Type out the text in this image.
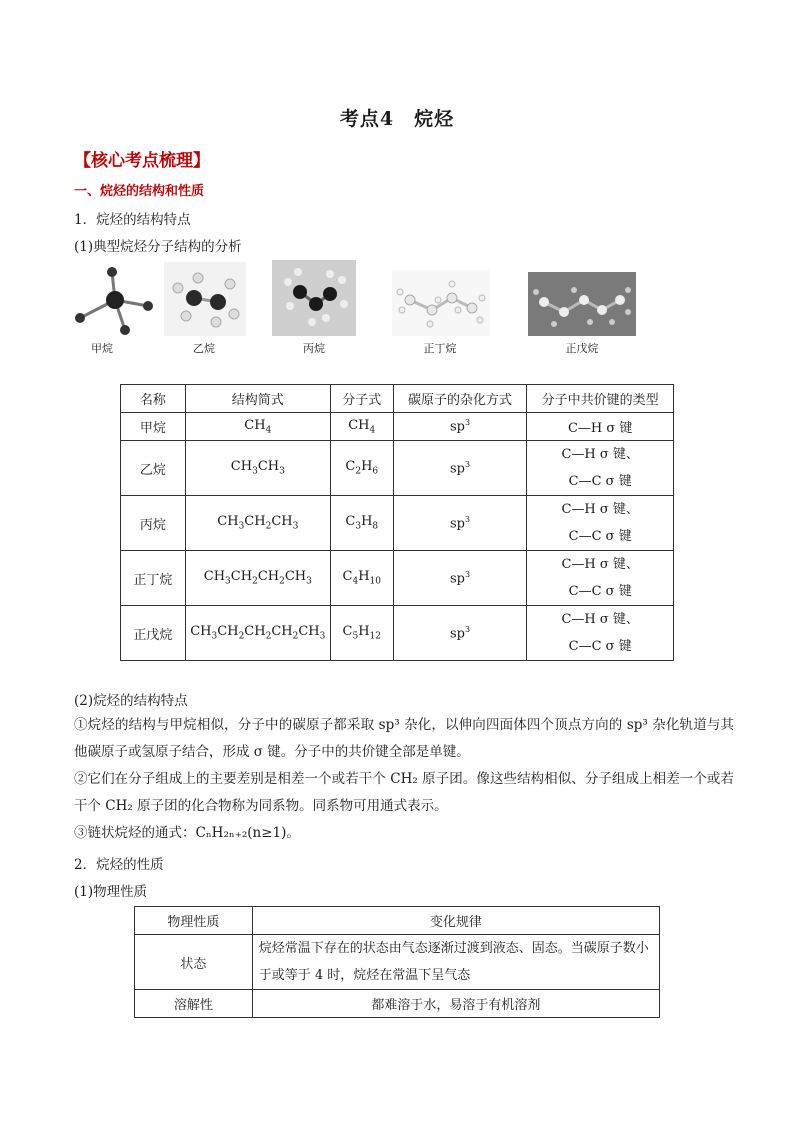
考点4　烷烃
【核心考点梳理】
一、烷烃的结构和性质
1．烷烃的结构特点
(1)典型烷烃分子结构的分析
甲烷	乙烷	丙烷	正丁烷	正戊烷
名称	结构简式	分子式	碳原子的杂化方式	分子中共价键的类型
甲烷	$CH_4$	$CH_4$	$sp^3$	C—H σ 键
乙烷	$CH_3CH_3$	$C_2H_6$	$sp^3$	C—H σ 键、
C—C σ 键

丙烷	$CH_3CH_2CH_3$	$C_3H_8$	$sp^3$	C—H σ 键、
C—C σ 键

正丁烷	$CH_3CH_2CH_2CH_3$	$C_4H_{10}$	$sp^3$	C—H σ 键、
C—C σ 键

正戊烷	$CH_3CH_2CH_2CH_2CH_3$	$C_5H_{12}$	$sp^3$	C—H σ 键、
C—C σ 键
(2)烷烃的结构特点
①烷烃的结构与甲烷相似，分子中的碳原子都采取 sp³ 杂化，以伸向四面体四个顶点方向的 sp³ 杂化轨道与其他碳原子或氢原子结合，形成 σ 键。分子中的共价键全部是单键。
②它们在分子组成上的主要差别是相差一个或若干个 CH₂ 原子团。像这些结构相似、分子组成上相差一个或若干个 CH₂ 原子团的化合物称为同系物。同系物可用通式表示。
③链状烷烃的通式：CₙH₂ₙ₊₂(n≥1)。
2．烷烃的性质
(1)物理性质
物理性质	变化规律
状态	烷烃常温下存在的状态由气态逐渐过渡到液态、固态。当碳原子数小于或等于 4 时，烷烃在常温下呈气态
溶解性	都难溶于水，易溶于有机溶剂
